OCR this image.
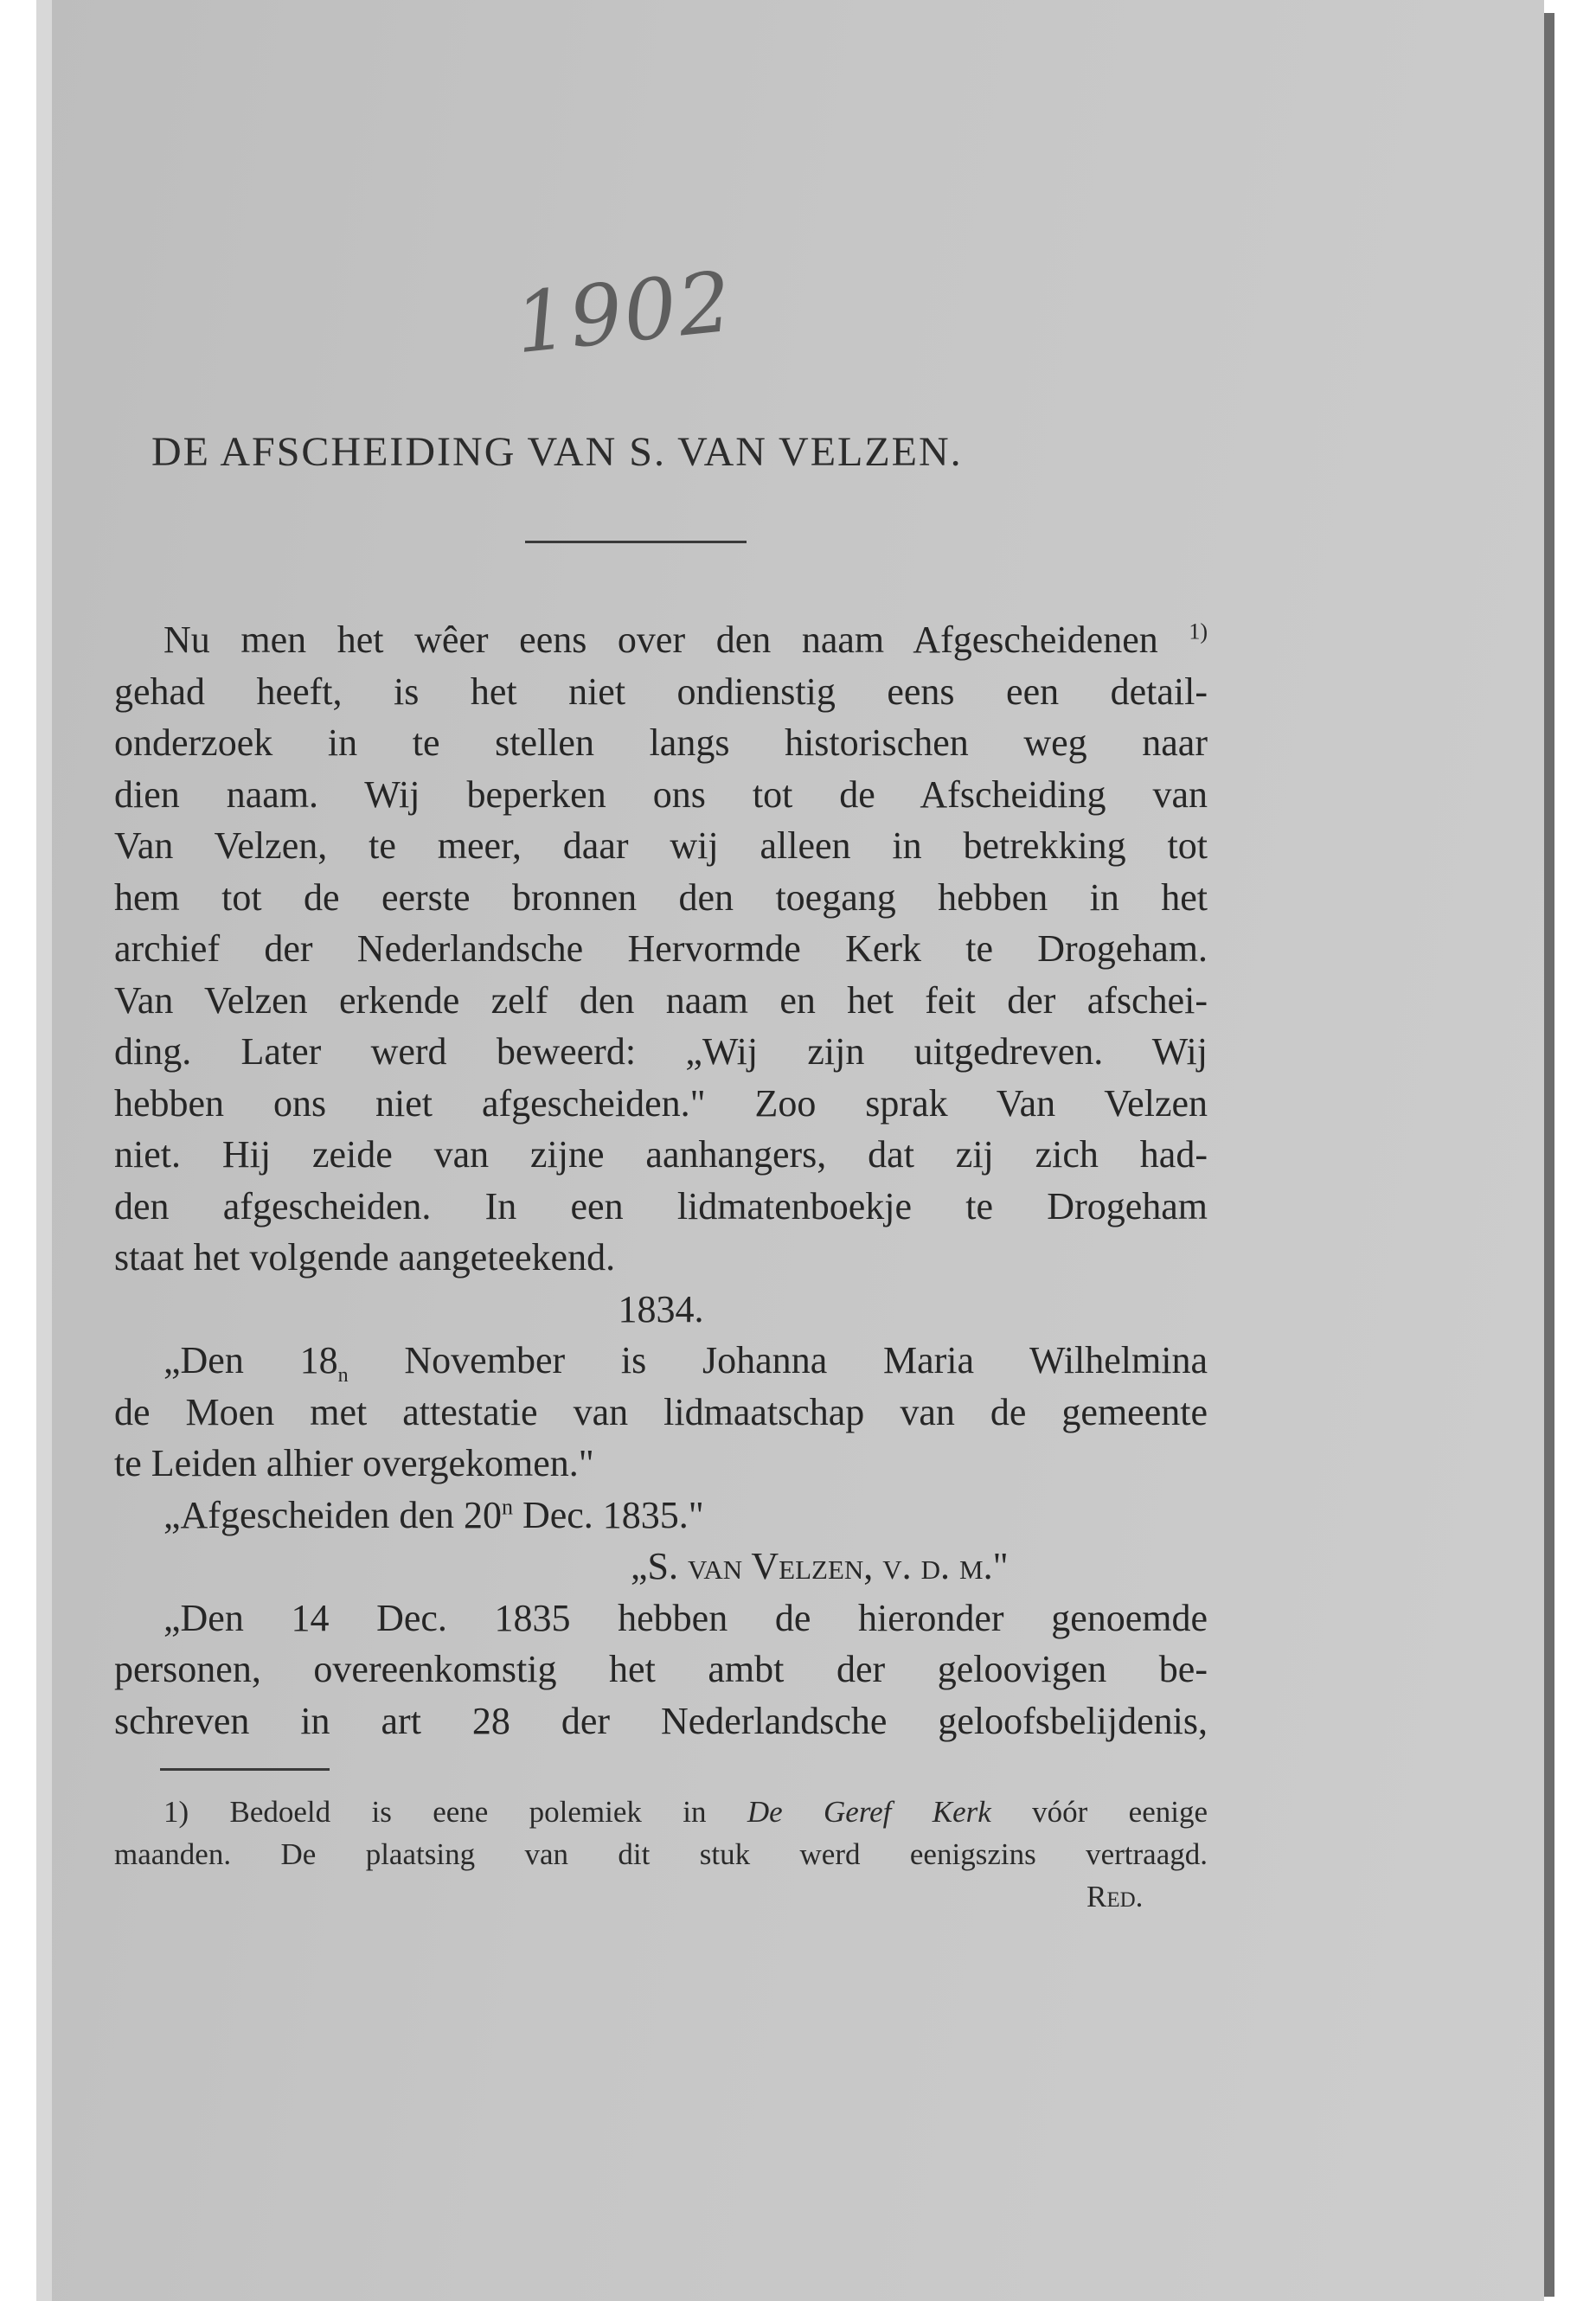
1902
DE AFSCHEIDING VAN S. VAN VELZEN.
Nu men het wêer eens over den naam Afgescheidenen $^{1)}$
gehad heeft, is het niet ondienstig eens een detail-
onderzoek in te stellen langs historischen weg naar
dien naam. Wij beperken ons tot de Afscheiding van
Van Velzen, te meer, daar wij alleen in betrekking tot
hem tot de eerste bronnen den toegang hebben in het
archief der Nederlandsche Hervormde Kerk te Drogeham.
Van Velzen erkende zelf den naam en het feit der afschei-
ding. Later werd beweerd: „Wij zijn uitgedreven. Wij
hebben ons niet afgescheiden." Zoo sprak Van Velzen
niet. Hij zeide van zijne aanhangers, dat zij zich had-
den afgescheiden. In een lidmatenboekje te Drogeham
staat het volgende aangeteekend.
1834.
„Den $18_n$ November is Johanna Maria Wilhelmina
de Moen met attestatie van lidmaatschap van de gemeente
te Leiden alhier overgekomen."
„Afgescheiden den 20$^n$ Dec. 1835."
„S. van Velzen, v. d. m."
„Den 14 Dec. 1835 hebben de hieronder genoemde
personen, overeenkomstig het ambt der geloovigen be-
schreven in art 28 der Nederlandsche geloofsbelijdenis,
1) Bedoeld is eene polemiek in De Geref Kerk vóór eenige
maanden. De plaatsing van dit stuk werd eenigszins vertraagd.
Red.
